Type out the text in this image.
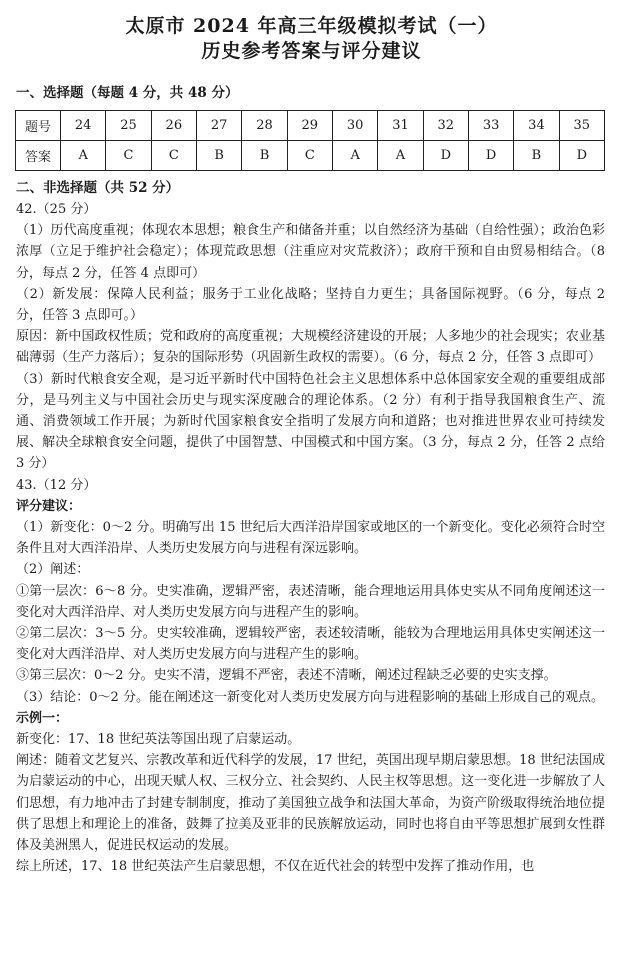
太原市 2024 年高三年级模拟考试（一）
历史参考答案与评分建议
一、选择题（每题 4 分，共 48 分）
题号	24	25	26	27	28	29	30	31	32	33	34	35
答案	A	C	C	B	B	C	A	A	D	D	B	D
二、非选择题（共 52 分）

42.（25 分）

（1）历代高度重视；体现农本思想；粮食生产和储备并重；以自然经济为基础（自给性强）；政治色彩浓厚（立足于维护社会稳定）；体现荒政思想（注重应对灾荒救济）；政府干预和自由贸易相结合。（8 分，每点 2 分，任答 4 点即可）

（2）新发展：保障人民利益；服务于工业化战略；坚持自力更生；具备国际视野。（6 分，每点 2 分，任答 3 点即可。）

原因：新中国政权性质；党和政府的高度重视；大规模经济建设的开展；人多地少的社会现实；农业基础薄弱（生产力落后）；复杂的国际形势（巩固新生政权的需要）。（6 分，每点 2 分，任答 3 点即可）

（3）新时代粮食安全观，是习近平新时代中国特色社会主义思想体系中总体国家安全观的重要组成部分，是马列主义与中国社会历史与现实深度融合的理论体系。（2 分）有利于指导我国粮食生产、流通、消费领域工作开展；为新时代国家粮食安全指明了发展方向和道路；也对推进世界农业可持续发展、解决全球粮食安全问题，提供了中国智慧、中国模式和中国方案。（3 分，每点 2 分，任答 2 点给 3 分）

43.（12 分）

评分建议：

（1）新变化：0～2 分。明确写出 15 世纪后大西洋沿岸国家或地区的一个新变化。变化必须符合时空条件且对大西洋沿岸、人类历史发展方向与进程有深远影响。

（2）阐述：

①第一层次：6～8 分。史实准确，逻辑严密，表述清晰，能合理地运用具体史实从不同角度阐述这一变化对大西洋沿岸、对人类历史发展方向与进程产生的影响。

②第二层次：3～5 分。史实较准确，逻辑较严密，表述较清晰，能较为合理地运用具体史实阐述这一变化对大西洋沿岸、对人类历史发展方向与进程产生的影响。

③第三层次：0～2 分。史实不清，逻辑不严密，表述不清晰，阐述过程缺乏必要的史实支撑。

（3）结论：0～2 分。能在阐述这一新变化对人类历史发展方向与进程影响的基础上形成自己的观点。

示例一：

新变化：17、18 世纪英法等国出现了启蒙运动。

阐述：随着文艺复兴、宗教改革和近代科学的发展，17 世纪，英国出现早期启蒙思想。18 世纪法国成为启蒙运动的中心，出现天赋人权、三权分立、社会契约、人民主权等思想。这一变化进一步解放了人们思想，有力地冲击了封建专制制度，推动了美国独立战争和法国大革命，为资产阶级取得统治地位提供了思想上和理论上的准备，鼓舞了拉美及亚非的民族解放运动，同时也将自由平等思想扩展到女性群体及美洲黑人，促进民权运动的发展。

综上所述，17、18 世纪英法产生启蒙思想，不仅在近代社会的转型中发挥了推动作用，也
